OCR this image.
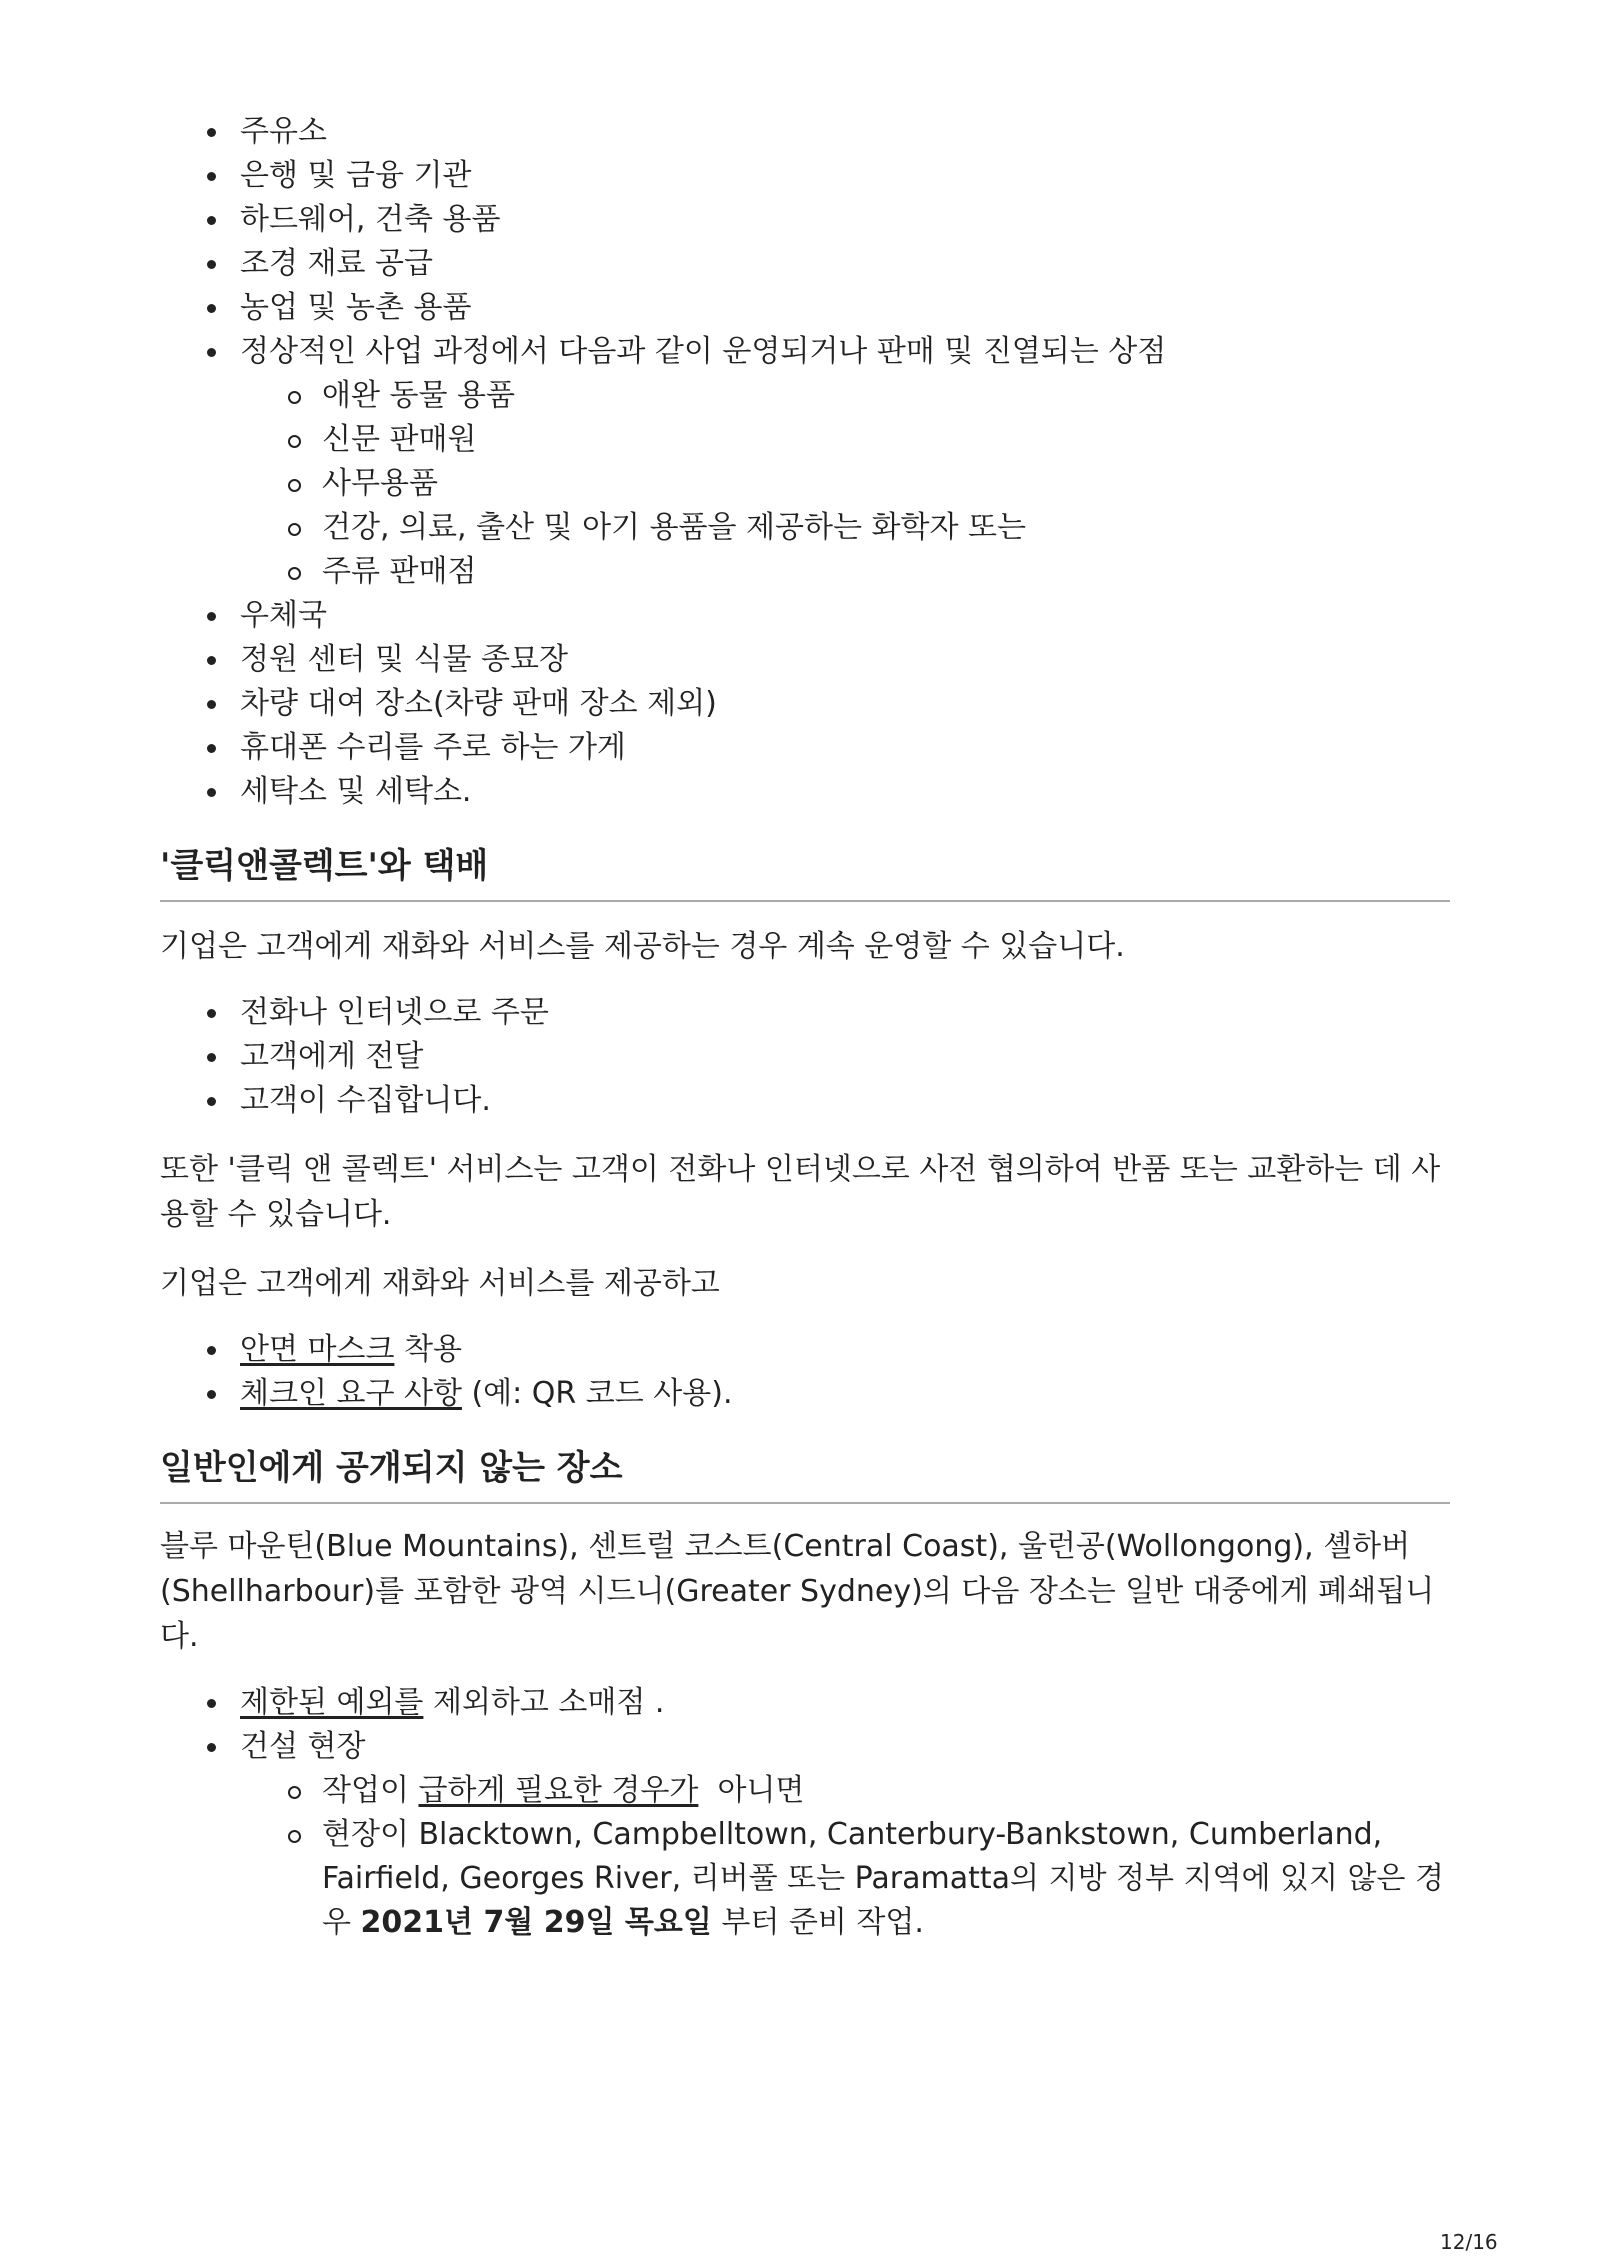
주유소
은행 및 금융 기관
하드웨어, 건축 용품
조경 재료 공급
농업 및 농촌 용품
정상적인 사업 과정에서 다음과 같이 운영되거나 판매 및 진열되는 상점
애완 동물 용품
신문 판매원
사무용품
건강, 의료, 출산 및 아기 용품을 제공하는 화학자 또는
주류 판매점
우체국
정원 센터 및 식물 종묘장
차량 대여 장소(차량 판매 장소 제외)
휴대폰 수리를 주로 하는 가게
세탁소 및 세탁소.
'클릭앤콜렉트'와 택배

기업은 고객에게 재화와 서비스를 제공하는 경우 계속 운영할 수 있습니다.

전화나 인터넷으로 주문
고객에게 전달
고객이 수집합니다.

또한 '클릭 앤 콜렉트' 서비스는 고객이 전화나 인터넷으로 사전 협의하여 반품 또는 교환하는 데 사용할 수 있습니다.

기업은 고객에게 재화와 서비스를 제공하고

안면 마스크 착용
체크인 요구 사항 (예: QR 코드 사용).
일반인에게 공개되지 않는 장소

블루 마운틴(Blue Mountains), 센트럴 코스트(Central Coast), 울런공(Wollongong), 셸하버(Shellharbour)를 포함한 광역 시드니(Greater Sydney)의 다음 장소는 일반 대중에게 폐쇄됩니다.

제한된 예외를 제외하고 소매점 .
건설 현장
작업이 급하게 필요한 경우가  아니면
현장이 Blacktown, Campbelltown, Canterbury-Bankstown, Cumberland, Fairfield, Georges River, 리버풀 또는 Paramatta의 지방 정부 지역에 있지 않은 경우 2021년 7월 29일 목요일 부터 준비 작업.
12/16
